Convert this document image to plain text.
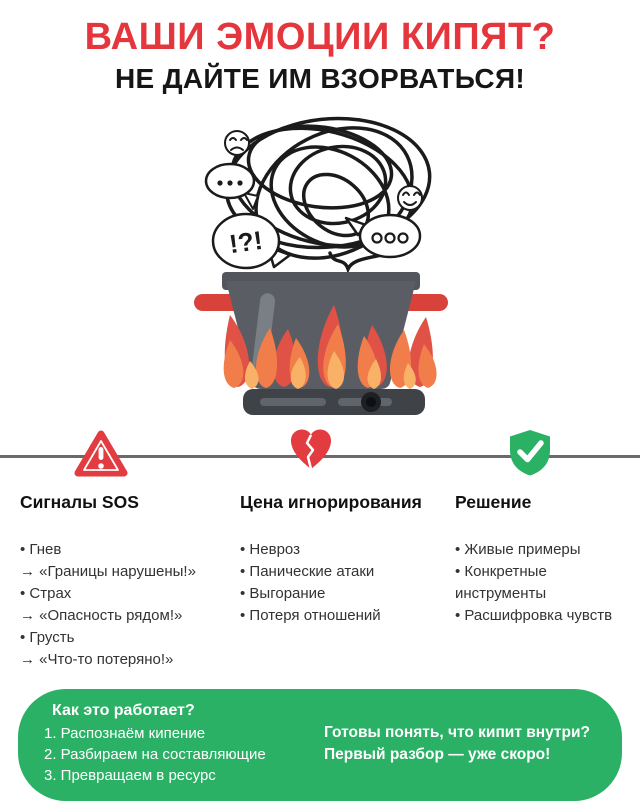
ВАШИ ЭМОЦИИ КИПЯТ?
НЕ ДАЙТЕ ИМ ВЗОРВАТЬСЯ!
!?!
Сигналы SOS
• Гнев
→ «Границы нарушены!»
• Страх
→ «Опасность рядом!»
• Грусть
→ «Что-то потеряно!»
Цена игнорирования
• Невроз
• Панические атаки
• Выгорание
• Потеря отношений
Решение
• Живые примеры
• Конкретные инструменты
• Расшифровка чувств
Как это работает?
1. Распознаём кипение
2. Разбираем на составляющие
3. Превращаем в ресурс
Готовы понять, что кипит внутри?
Первый разбор — уже скоро!
